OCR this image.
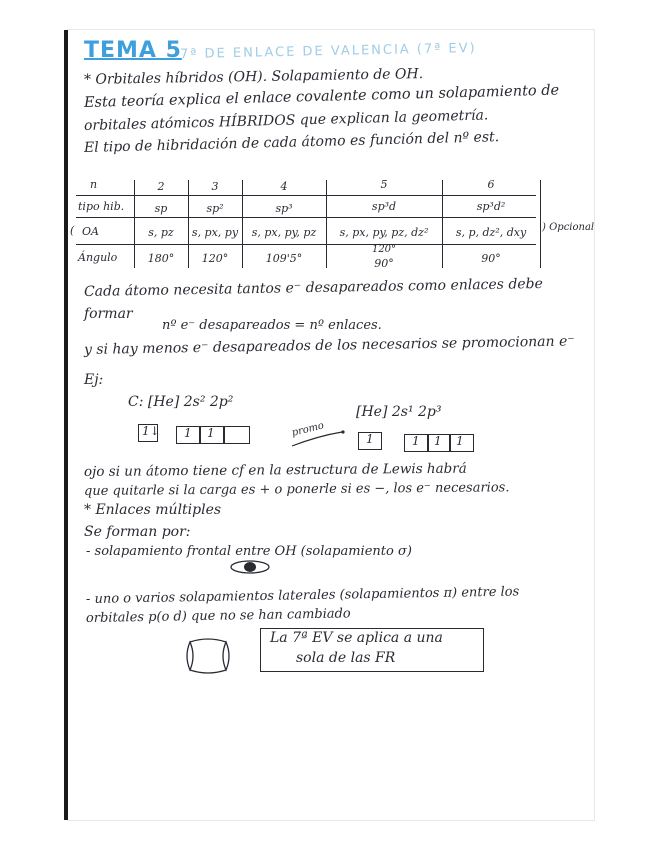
TEMA 5
7ª DE ENLACE DE VALENCIA (7ª EV)
* Orbitales híbridos (OH). Solapamiento de OH.
Esta teoría explica el enlace covalente como un solapamiento de
orbitales atómicos HÍBRIDOS que explican la geometría.
El tipo de hibridación de cada átomo es función del nº est.
n
tipo hib.
( OA
Ángulo
2
sp
s, pz
180°
3
sp²
s, px, py
120°
4
sp³
s, px, py, pz
109'5°
5
sp³d
s, px, py, pz, dz²
120°
90°
6
sp³d²
s, p, dz², dxy
90°
) Opcional
Cada átomo necesita tantos e⁻ desapareados como enlaces debe
formar
nº e⁻ desapareados = nº enlaces.
y si hay menos e⁻ desapareados de los necesarios se promocionan e⁻
Ej:
C: [He] 2s² 2p²
[He] 2s¹ 2p³
1↓ 1 1	promo
1	1 1 1
ojo si un átomo tiene cf en la estructura de Lewis habrá
que quitarle si la carga es + o ponerle si es −, los e⁻ necesarios.
* Enlaces múltiples
Se forman por:
- solapamiento frontal entre OH (solapamiento σ)
- uno o varios solapamientos laterales (solapamientos π) entre los
orbitales p(o d) que no se han cambiado
La 7ª EV se aplica a una
sola de las FR
